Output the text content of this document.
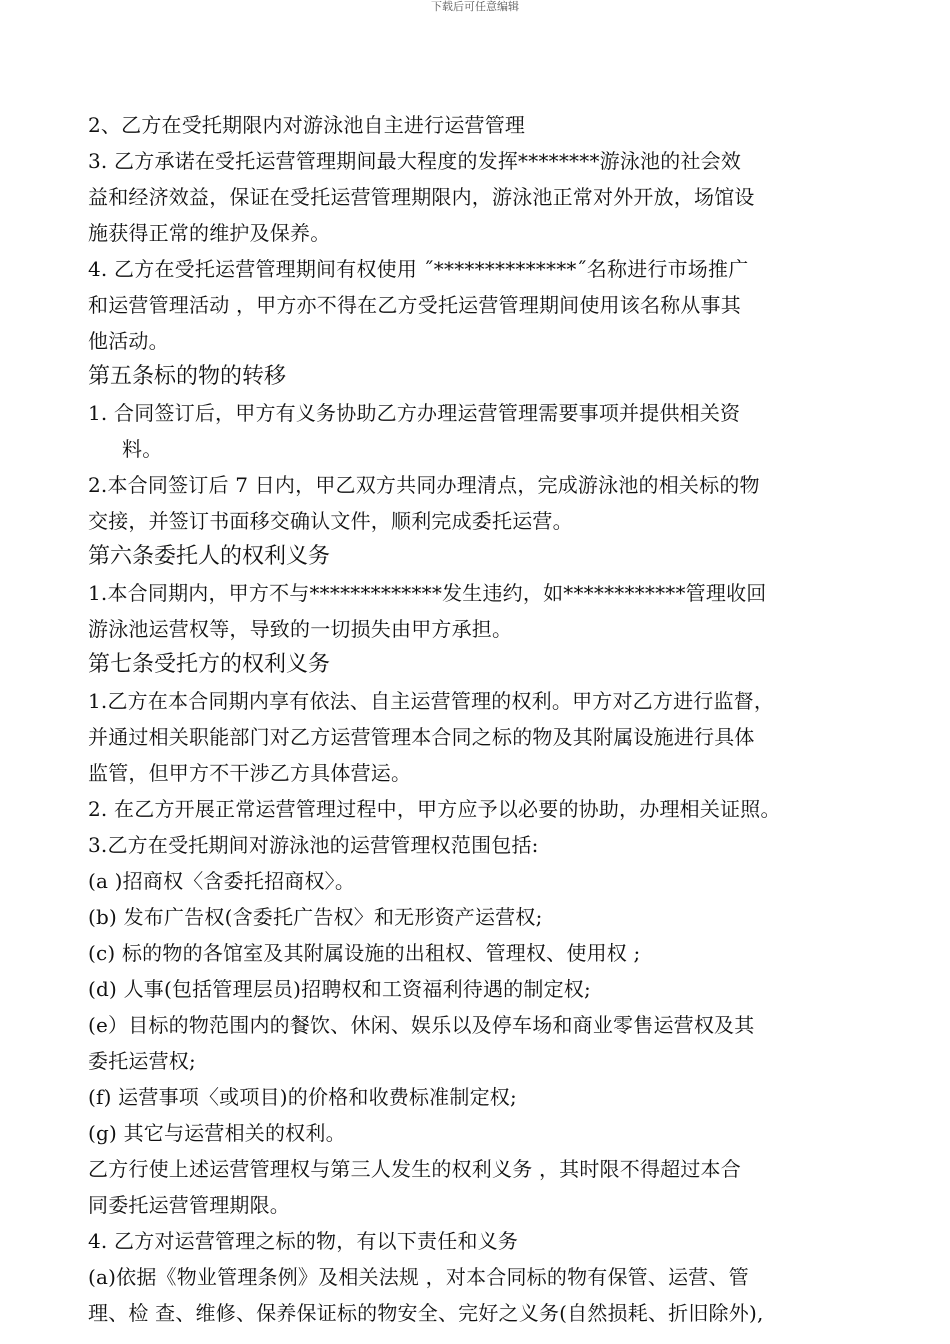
下载后可任意编辑
2、乙方在受托期限内对游泳池自主进行运营管理
3. 乙方承诺在受托运营管理期间最大程度的发挥********游泳池的社会效
益和经济效益，保证在受托运营管理期限内，游泳池正常对外开放，场馆设
施获得正常的维护及保养。
4. 乙方在受托运营管理期间有权使用 ˝**************˝名称进行市场推广
和运营管理活动 ，甲方亦不得在乙方受托运营管理期间使用该名称从事其
他活动。
第五条标的物的转移
1. 合同签订后，甲方有义务协助乙方办理运营管理需要事项并提供相关资
料。
2.本合同签订后 7 日内，甲乙双方共同办理清点，完成游泳池的相关标的物
交接，并签订书面移交确认文件，顺利完成委托运营。
第六条委托人的权利义务
1.本合同期内，甲方不与*************发生违约，如************管理收回
游泳池运营权等，导致的一切损失由甲方承担。
第七条受托方的权利义务
1.乙方在本合同期内享有依法、自主运营管理的权利。甲方对乙方进行监督，
并通过相关职能部门对乙方运营管理本合同之标的物及其附属设施进行具体
监管，但甲方不干涉乙方具体营运。
2. 在乙方开展正常运营管理过程中，甲方应予以必要的协助，办理相关证照。
3.乙方在受托期间对游泳池的运营管理权范围包括:
(a )招商权〈含委托招商权〉。
(b) 发布广告权(含委托广告权〉和无形资产运营权;
(c) 标的物的各馆室及其附属设施的出租权、管理权、使用权 ;
(d) 人事(包括管理层员)招聘权和工资福利待遇的制定权;
(e）目标的物范围内的餐饮、休闲、娱乐以及停车场和商业零售运营权及其
委托运营权;
(f) 运营事项〈或项目)的价格和收费标准制定权;
(g) 其它与运营相关的权利。
乙方行使上述运营管理权与第三人发生的权利义务 ，其时限不得超过本合
同委托运营管理期限。
4. 乙方对运营管理之标的物，有以下责任和义务
(a)依据《物业管理条例》及相关法规 ，对本合同标的物有保管、运营、管
理、检 查、维修、保养保证标的物安全、完好之义务(自然损耗、折旧除外),
